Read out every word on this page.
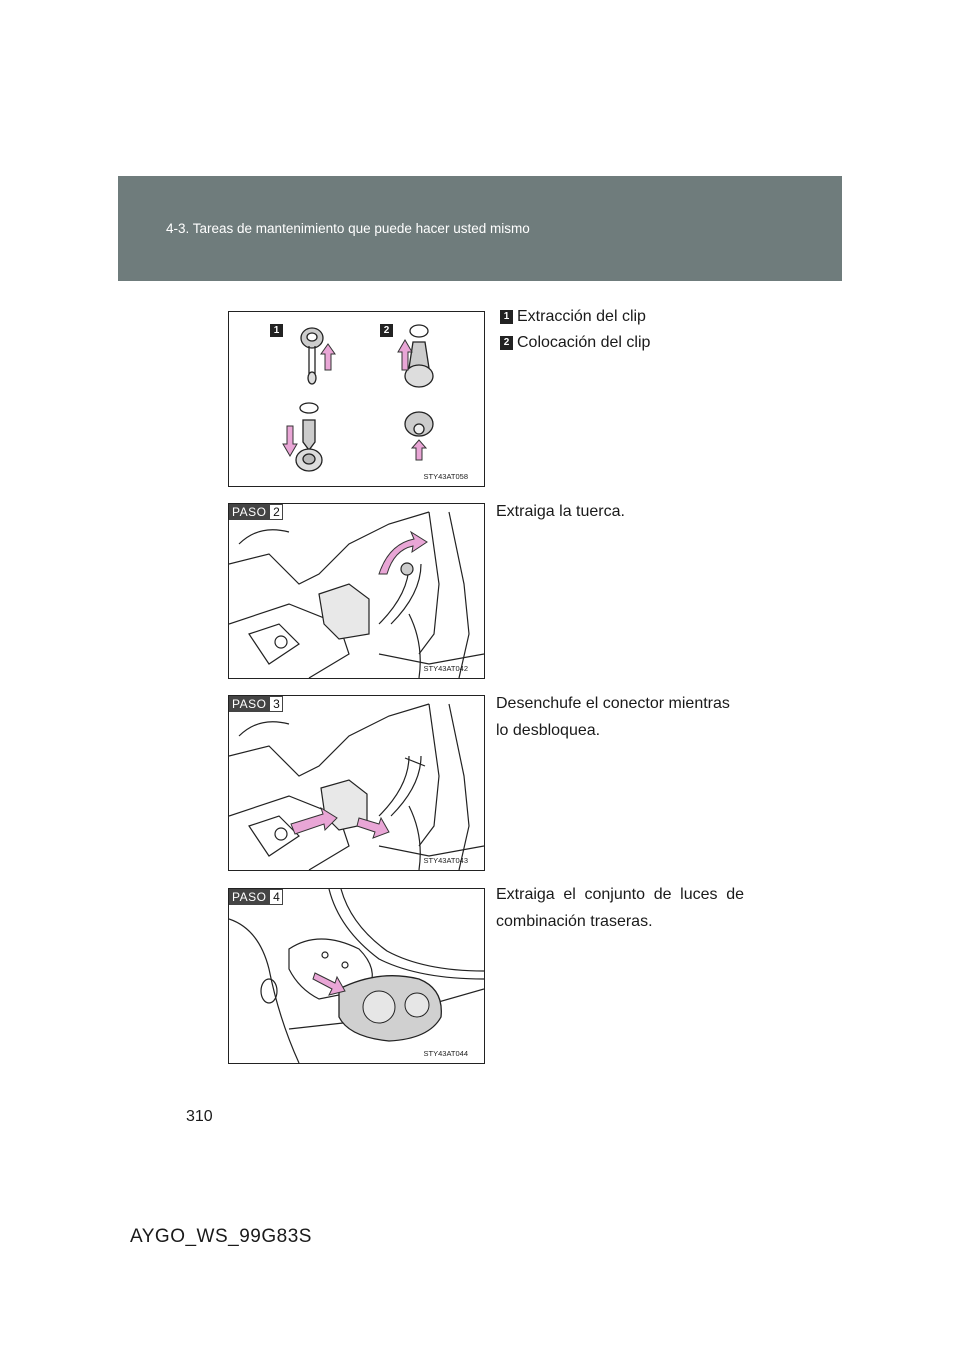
4-3. Tareas de mantenimiento que puede hacer usted mismo
1	2
STY43AT058
1 Extracción del clip
2 Colocación del clip
PASO 2
STY43AT042
Extraiga la tuerca.
PASO 3
STY43AT043
Desenchufe el conector mientras
lo desbloquea.
PASO 4
STY43AT044
Extraiga el conjunto de luces de
combinación traseras.
310
AYGO_WS_99G83S
